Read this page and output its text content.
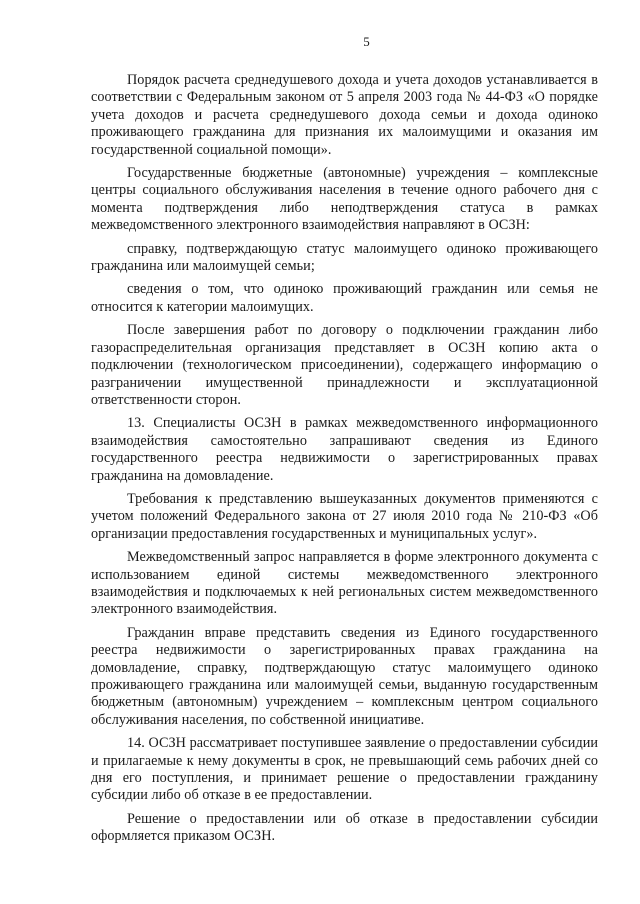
5

Порядок расчета среднедушевого дохода и учета доходов устанавливается в соответствии с Федеральным законом от 5 апреля 2003 года № 44-ФЗ «О порядке учета доходов и расчета среднедушевого дохода семьи и дохода одиноко проживающего гражданина для признания их малоимущими и оказания им государственной социальной помощи».

Государственные бюджетные (автономные) учреждения – комплексные центры социального обслуживания населения в течение одного рабочего дня с момента подтверждения либо неподтверждения статуса в рамках межведомственного электронного взаимодействия направляют в ОСЗН:

справку, подтверждающую статус малоимущего одиноко проживающего гражданина или малоимущей семьи;

сведения о том, что одиноко проживающий гражданин или семья не относится к категории малоимущих.

После завершения работ по договору о подключении гражданин либо газораспределительная организация представляет в ОСЗН копию акта о подключении (технологическом присоединении), содержащего информацию о разграничении имущественной принадлежности и эксплуатационной ответственности сторон.

13. Специалисты ОСЗН в рамках межведомственного информационного взаимодействия самостоятельно запрашивают сведения из Единого государственного реестра недвижимости о зарегистрированных правах гражданина на домовладение.

Требования к представлению вышеуказанных документов применяются с учетом положений Федерального закона от 27 июля 2010 года № 210-ФЗ «Об организации предоставления государственных и муниципальных услуг».

Межведомственный запрос направляется в форме электронного документа с использованием единой системы межведомственного электронного взаимодействия и подключаемых к ней региональных систем межведомственного электронного взаимодействия.

Гражданин вправе представить сведения из Единого государственного реестра недвижимости о зарегистрированных правах гражданина на домовладение, справку, подтверждающую статус малоимущего одиноко проживающего гражданина или малоимущей семьи, выданную государственным бюджетным (автономным) учреждением – комплексным центром социального обслуживания населения, по собственной инициативе.

14. ОСЗН рассматривает поступившее заявление о предоставлении субсидии и прилагаемые к нему документы в срок, не превышающий семь рабочих дней со дня его поступления, и принимает решение о предоставлении гражданину субсидии либо об отказе в ее предоставлении.

Решение о предоставлении или об отказе в предоставлении субсидии оформляется приказом ОСЗН.
